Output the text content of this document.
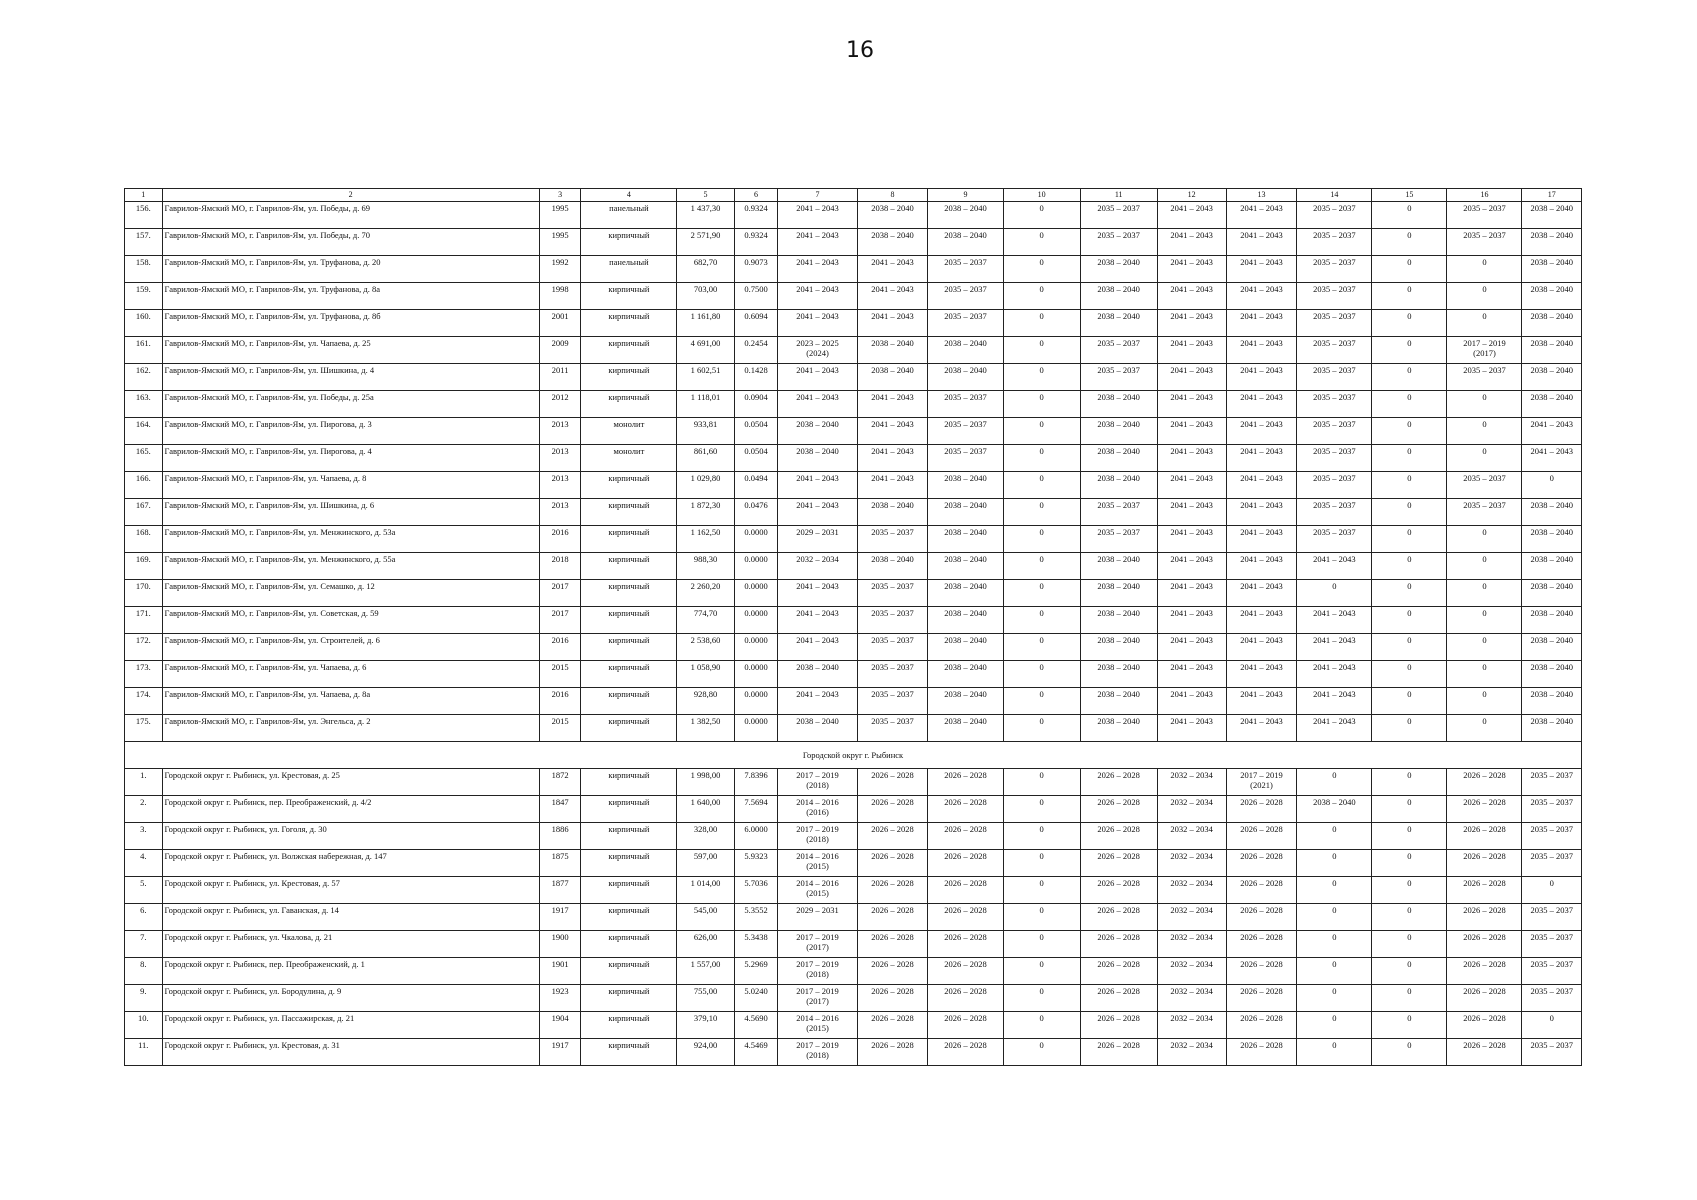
16
1	2	3	4	5	6	7	8	9	10	11	12	13	14	15	16	17

156.	Гаврилов-Ямский МО, г. Гаврилов-Ям, ул. Победы, д. 69	1995	панельный	1 437,30	0.9324	2041 – 2043	2038 – 2040	2038 – 2040	0	2035 – 2037	2041 – 2043	2041 – 2043	2035 – 2037	0	2035 – 2037	2038 – 2040

157.	Гаврилов-Ямский МО, г. Гаврилов-Ям, ул. Победы, д. 70	1995	кирпичный	2 571,90	0.9324	2041 – 2043	2038 – 2040	2038 – 2040	0	2035 – 2037	2041 – 2043	2041 – 2043	2035 – 2037	0	2035 – 2037	2038 – 2040

158.	Гаврилов-Ямский МО, г. Гаврилов-Ям, ул. Труфанова, д. 20	1992	панельный	682,70	0.9073	2041 – 2043	2041 – 2043	2035 – 2037	0	2038 – 2040	2041 – 2043	2041 – 2043	2035 – 2037	0	0	2038 – 2040

159.	Гаврилов-Ямский МО, г. Гаврилов-Ям, ул. Труфанова, д. 8а	1998	кирпичный	703,00	0.7500	2041 – 2043	2041 – 2043	2035 – 2037	0	2038 – 2040	2041 – 2043	2041 – 2043	2035 – 2037	0	0	2038 – 2040

160.	Гаврилов-Ямский МО, г. Гаврилов-Ям, ул. Труфанова, д. 8б	2001	кирпичный	1 161,80	0.6094	2041 – 2043	2041 – 2043	2035 – 2037	0	2038 – 2040	2041 – 2043	2041 – 2043	2035 – 2037	0	0	2038 – 2040

161.	Гаврилов-Ямский МО, г. Гаврилов-Ям, ул. Чапаева, д. 25	2009	кирпичный	4 691,00	0.2454	2023 – 2025
(2024)	2038 – 2040	2038 – 2040	0	2035 – 2037	2041 – 2043	2041 – 2043	2035 – 2037	0	2017 – 2019
(2017)	2038 – 2040

162.	Гаврилов-Ямский МО, г. Гаврилов-Ям, ул. Шишкина, д. 4	2011	кирпичный	1 602,51	0.1428	2041 – 2043	2038 – 2040	2038 – 2040	0	2035 – 2037	2041 – 2043	2041 – 2043	2035 – 2037	0	2035 – 2037	2038 – 2040

163.	Гаврилов-Ямский МО, г. Гаврилов-Ям, ул. Победы, д. 25а	2012	кирпичный	1 118,01	0.0904	2041 – 2043	2041 – 2043	2035 – 2037	0	2038 – 2040	2041 – 2043	2041 – 2043	2035 – 2037	0	0	2038 – 2040

164.	Гаврилов-Ямский МО, г. Гаврилов-Ям, ул. Пирогова, д. 3	2013	монолит	933,81	0.0504	2038 – 2040	2041 – 2043	2035 – 2037	0	2038 – 2040	2041 – 2043	2041 – 2043	2035 – 2037	0	0	2041 – 2043

165.	Гаврилов-Ямский МО, г. Гаврилов-Ям, ул. Пирогова, д. 4	2013	монолит	861,60	0.0504	2038 – 2040	2041 – 2043	2035 – 2037	0	2038 – 2040	2041 – 2043	2041 – 2043	2035 – 2037	0	0	2041 – 2043

166.	Гаврилов-Ямский МО, г. Гаврилов-Ям, ул. Чапаева, д. 8	2013	кирпичный	1 029,80	0.0494	2041 – 2043	2041 – 2043	2038 – 2040	0	2038 – 2040	2041 – 2043	2041 – 2043	2035 – 2037	0	2035 – 2037	0

167.	Гаврилов-Ямский МО, г. Гаврилов-Ям, ул. Шишкина, д. 6	2013	кирпичный	1 872,30	0.0476	2041 – 2043	2038 – 2040	2038 – 2040	0	2035 – 2037	2041 – 2043	2041 – 2043	2035 – 2037	0	2035 – 2037	2038 – 2040

168.	Гаврилов-Ямский МО, г. Гаврилов-Ям, ул. Менжинского, д. 53а	2016	кирпичный	1 162,50	0.0000	2029 – 2031	2035 – 2037	2038 – 2040	0	2035 – 2037	2041 – 2043	2041 – 2043	2035 – 2037	0	0	2038 – 2040

169.	Гаврилов-Ямский МО, г. Гаврилов-Ям, ул. Менжинского, д. 55а	2018	кирпичный	988,30	0.0000	2032 – 2034	2038 – 2040	2038 – 2040	0	2038 – 2040	2041 – 2043	2041 – 2043	2041 – 2043	0	0	2038 – 2040

170.	Гаврилов-Ямский МО, г. Гаврилов-Ям, ул. Семашко, д. 12	2017	кирпичный	2 260,20	0.0000	2041 – 2043	2035 – 2037	2038 – 2040	0	2038 – 2040	2041 – 2043	2041 – 2043	0	0	0	2038 – 2040

171.	Гаврилов-Ямский МО, г. Гаврилов-Ям, ул. Советская, д. 59	2017	кирпичный	774,70	0.0000	2041 – 2043	2035 – 2037	2038 – 2040	0	2038 – 2040	2041 – 2043	2041 – 2043	2041 – 2043	0	0	2038 – 2040

172.	Гаврилов-Ямский МО, г. Гаврилов-Ям, ул. Строителей, д. 6	2016	кирпичный	2 538,60	0.0000	2041 – 2043	2035 – 2037	2038 – 2040	0	2038 – 2040	2041 – 2043	2041 – 2043	2041 – 2043	0	0	2038 – 2040

173.	Гаврилов-Ямский МО, г. Гаврилов-Ям, ул. Чапаева, д. 6	2015	кирпичный	1 058,90	0.0000	2038 – 2040	2035 – 2037	2038 – 2040	0	2038 – 2040	2041 – 2043	2041 – 2043	2041 – 2043	0	0	2038 – 2040

174.	Гаврилов-Ямский МО, г. Гаврилов-Ям, ул. Чапаева, д. 8а	2016	кирпичный	928,80	0.0000	2041 – 2043	2035 – 2037	2038 – 2040	0	2038 – 2040	2041 – 2043	2041 – 2043	2041 – 2043	0	0	2038 – 2040

175.	Гаврилов-Ямский МО, г. Гаврилов-Ям, ул. Энгельса, д. 2	2015	кирпичный	1 382,50	0.0000	2038 – 2040	2035 – 2037	2038 – 2040	0	2038 – 2040	2041 – 2043	2041 – 2043	2041 – 2043	0	0	2038 – 2040

Городской округ г. Рыбинск																

1.	Городской округ г. Рыбинск, ул. Крестовая, д. 25	1872	кирпичный	1 998,00	7.8396	2017 – 2019
(2018)	2026 – 2028	2026 – 2028	0	2026 – 2028	2032 – 2034	2017 – 2019
(2021)	0	0	2026 – 2028	2035 – 2037

2.	Городской округ г. Рыбинск, пер. Преображенский, д. 4/2	1847	кирпичный	1 640,00	7.5694	2014 – 2016
(2016)	2026 – 2028	2026 – 2028	0	2026 – 2028	2032 – 2034	2026 – 2028	2038 – 2040	0	2026 – 2028	2035 – 2037

3.	Городской округ г. Рыбинск, ул. Гоголя, д. 30	1886	кирпичный	328,00	6.0000	2017 – 2019
(2018)	2026 – 2028	2026 – 2028	0	2026 – 2028	2032 – 2034	2026 – 2028	0	0	2026 – 2028	2035 – 2037

4.	Городской округ г. Рыбинск, ул. Волжская набережная, д. 147	1875	кирпичный	597,00	5.9323	2014 – 2016
(2015)	2026 – 2028	2026 – 2028	0	2026 – 2028	2032 – 2034	2026 – 2028	0	0	2026 – 2028	2035 – 2037

5.	Городской округ г. Рыбинск, ул. Крестовая, д. 57	1877	кирпичный	1 014,00	5.7036	2014 – 2016
(2015)	2026 – 2028	2026 – 2028	0	2026 – 2028	2032 – 2034	2026 – 2028	0	0	2026 – 2028	0

6.	Городской округ г. Рыбинск, ул. Гаванская, д. 14	1917	кирпичный	545,00	5.3552	2029 – 2031	2026 – 2028	2026 – 2028	0	2026 – 2028	2032 – 2034	2026 – 2028	0	0	2026 – 2028	2035 – 2037

7.	Городской округ г. Рыбинск, ул. Чкалова, д. 21	1900	кирпичный	626,00	5.3438	2017 – 2019
(2017)	2026 – 2028	2026 – 2028	0	2026 – 2028	2032 – 2034	2026 – 2028	0	0	2026 – 2028	2035 – 2037

8.	Городской округ г. Рыбинск, пер. Преображенский, д. 1	1901	кирпичный	1 557,00	5.2969	2017 – 2019
(2018)	2026 – 2028	2026 – 2028	0	2026 – 2028	2032 – 2034	2026 – 2028	0	0	2026 – 2028	2035 – 2037

9.	Городской округ г. Рыбинск, ул. Бородулина, д. 9	1923	кирпичный	755,00	5.0240	2017 – 2019
(2017)	2026 – 2028	2026 – 2028	0	2026 – 2028	2032 – 2034	2026 – 2028	0	0	2026 – 2028	2035 – 2037

10.	Городской округ г. Рыбинск, ул. Пассажирская, д. 21	1904	кирпичный	379,10	4.5690	2014 – 2016
(2015)	2026 – 2028	2026 – 2028	0	2026 – 2028	2032 – 2034	2026 – 2028	0	0	2026 – 2028	0

11.	Городской округ г. Рыбинск, ул. Крестовая, д. 31	1917	кирпичный	924,00	4.5469	2017 – 2019
(2018)	2026 – 2028	2026 – 2028	0	2026 – 2028	2032 – 2034	2026 – 2028	0	0	2026 – 2028	2035 – 2037
